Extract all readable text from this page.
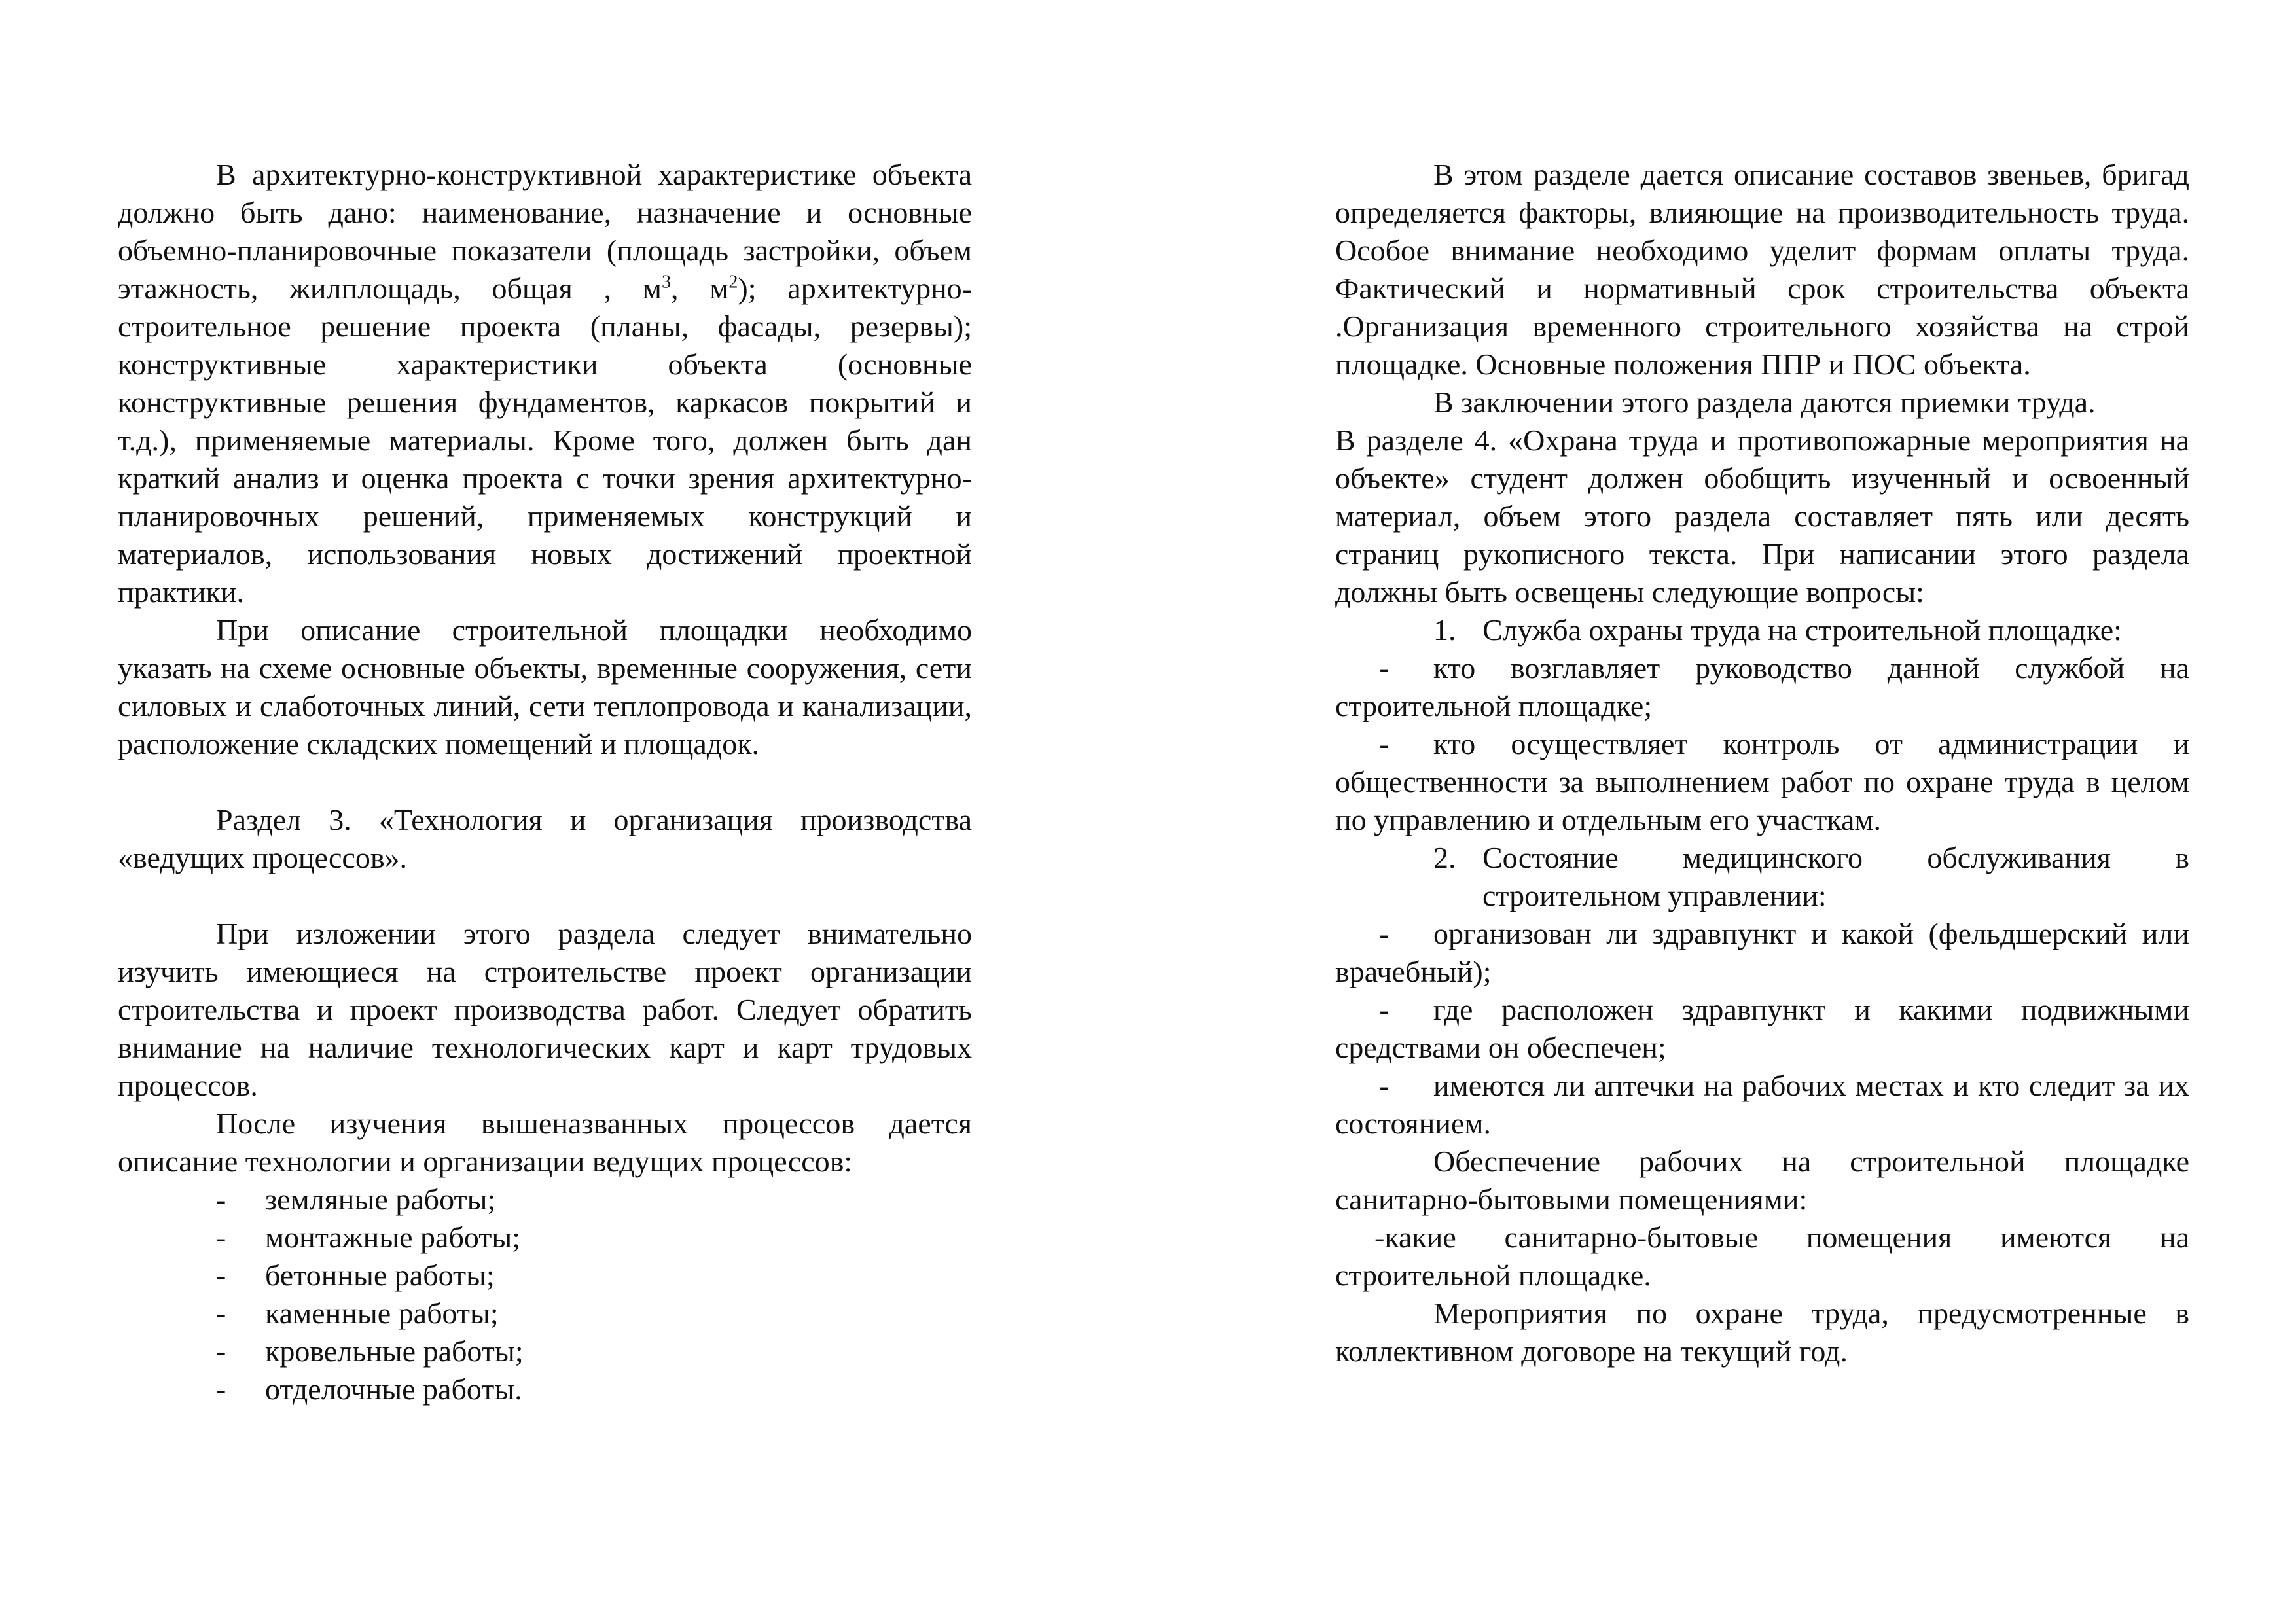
В архитектурно-конструктивной характеристике объекта должно быть дано: наименование, назначение и основные объемно-планировочные показатели (площадь застройки, объем этажность, жилплощадь, общая , $м^3$, $м^2$); архитектурно-строительное решение проекта (планы, фасады, резервы); конструктивные характеристики объекта (основные конструктивные решения фундаментов, каркасов покрытий и т.д.), применяемые материалы. Кроме того, должен быть дан краткий анализ и оценка проекта с точки зрения архитектурно-планировочных решений, применяемых конструкций и материалов, использования новых достижений проектной практики.

При описание строительной площадки необходимо указать на схеме основные объекты, временные сооружения, сети силовых и слаботочных линий, сети теплопровода и канализации, расположение складских помещений и площадок.

Раздел 3. «Технология и организация производства «ведущих процессов».

При изложении этого раздела следует внимательно изучить имеющиеся на строительстве проект организации строительства и проект производства работ. Следует обратить внимание на наличие технологических карт и карт трудовых процессов.

После изучения вышеназванных процессов дается описание технологии и организации ведущих процессов:

- земляные работы;
- монтажные работы;
- бетонные работы;
- каменные работы;
- кровельные работы;
- отделочные работы.

В этом разделе дается описание составов звеньев, бригад определяется факторы, влияющие на производительность труда. Особое внимание необходимо уделит формам оплаты труда. Фактический и нормативный срок строительства объекта .Организация временного строительного хозяйства на строй площадке. Основные положения ППР и ПОС объекта.

В заключении этого раздела даются приемки труда.

В разделе 4. «Охрана труда и противопожарные мероприятия на объекте» студент должен обобщить изученный и освоенный материал, объем этого раздела составляет пять или десять страниц рукописного текста. При написании этого раздела должны быть освещены следующие вопросы:

1. Служба охраны труда на строительной площадке:

- кто возглавляет руководство данной службой на строительной площадке;

- кто осуществляет контроль от администрации и общественности за выполнением работ по охране труда в целом по управлению и отдельным его участкам.

2. Состояние медицинского обслуживания в строительном управлении:

- организован ли здравпункт и какой (фельдшерский или врачебный);

- где расположен здравпункт и какими подвижными средствами он обеспечен;

- имеются ли аптечки на рабочих местах и кто следит за их состоянием.

Обеспечение рабочих на строительной площадке санитарно-бытовыми помещениями:

-какие санитарно-бытовые помещения имеются на строительной площадке.

Мероприятия по охране труда, предусмотренные в коллективном договоре на текущий год.
